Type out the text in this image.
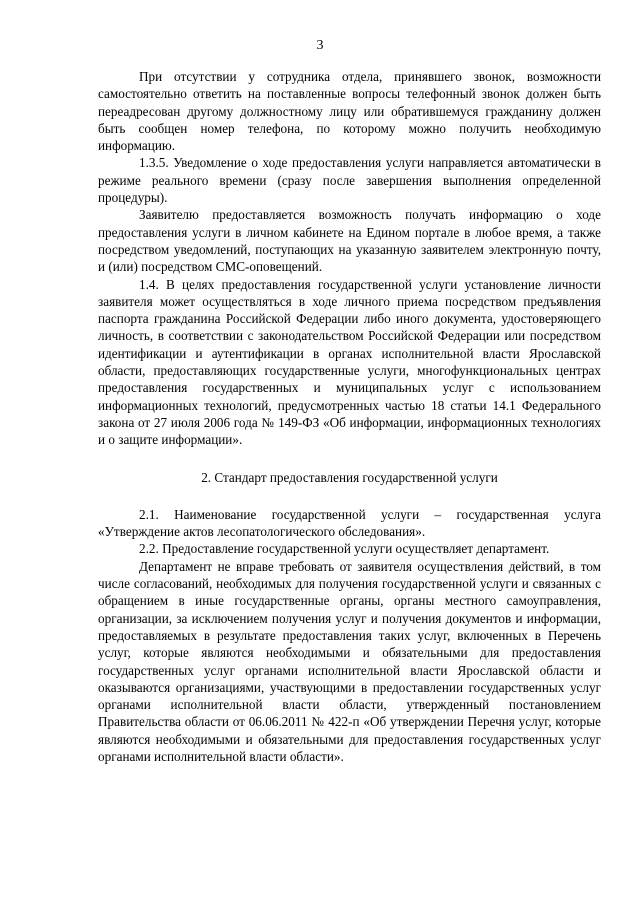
3

При отсутствии у сотрудника отдела, принявшего звонок, возможности самостоятельно ответить на поставленные вопросы телефонный звонок должен быть переадресован другому должностному лицу или обратившемуся гражданину должен быть сообщен номер телефона, по которому можно получить необходимую информацию.

1.3.5. Уведомление о ходе предоставления услуги направляется автоматически в режиме реального времени (сразу после завершения выполнения определенной процедуры).

Заявителю предоставляется возможность получать информацию о ходе предоставления услуги в личном кабинете на Едином портале в любое время, а также посредством уведомлений, поступающих на указанную заявителем электронную почту, и (или) посредством СМС-оповещений.

1.4. В целях предоставления государственной услуги установление личности заявителя может осуществляться в ходе личного приема посредством предъявления паспорта гражданина Российской Федерации либо иного документа, удостоверяющего личность, в соответствии с законодательством Российской Федерации или посредством идентификации и аутентификации в органах исполнительной власти Ярославской области, предоставляющих государственные услуги, многофункциональных центрах предоставления государственных и муниципальных услуг с использованием информационных технологий, предусмотренных частью 18 статьи 14.1 Федерального закона от 27 июля 2006 года № 149-ФЗ «Об информации, информационных технологиях и о защите информации».

2. Стандарт предоставления государственной услуги

2.1. Наименование государственной услуги – государственная услуга «Утверждение актов лесопатологического обследования».

2.2. Предоставление государственной услуги осуществляет департамент.

Департамент не вправе требовать от заявителя осуществления действий, в том числе согласований, необходимых для получения государственной услуги и связанных с обращением в иные государственные органы, органы местного самоуправления, организации, за исключением получения услуг и получения документов и информации, предоставляемых в результате предоставления таких услуг, включенных в Перечень услуг, которые являются необходимыми и обязательными для предоставления государственных услуг органами исполнительной власти Ярославской области и оказываются организациями, участвующими в предоставлении государственных услуг органами исполнительной власти области, утвержденный постановлением Правительства области от 06.06.2011 № 422-п «Об утверждении Перечня услуг, которые являются необходимыми и обязательными для предоставления государственных услуг органами исполнительной власти области».
